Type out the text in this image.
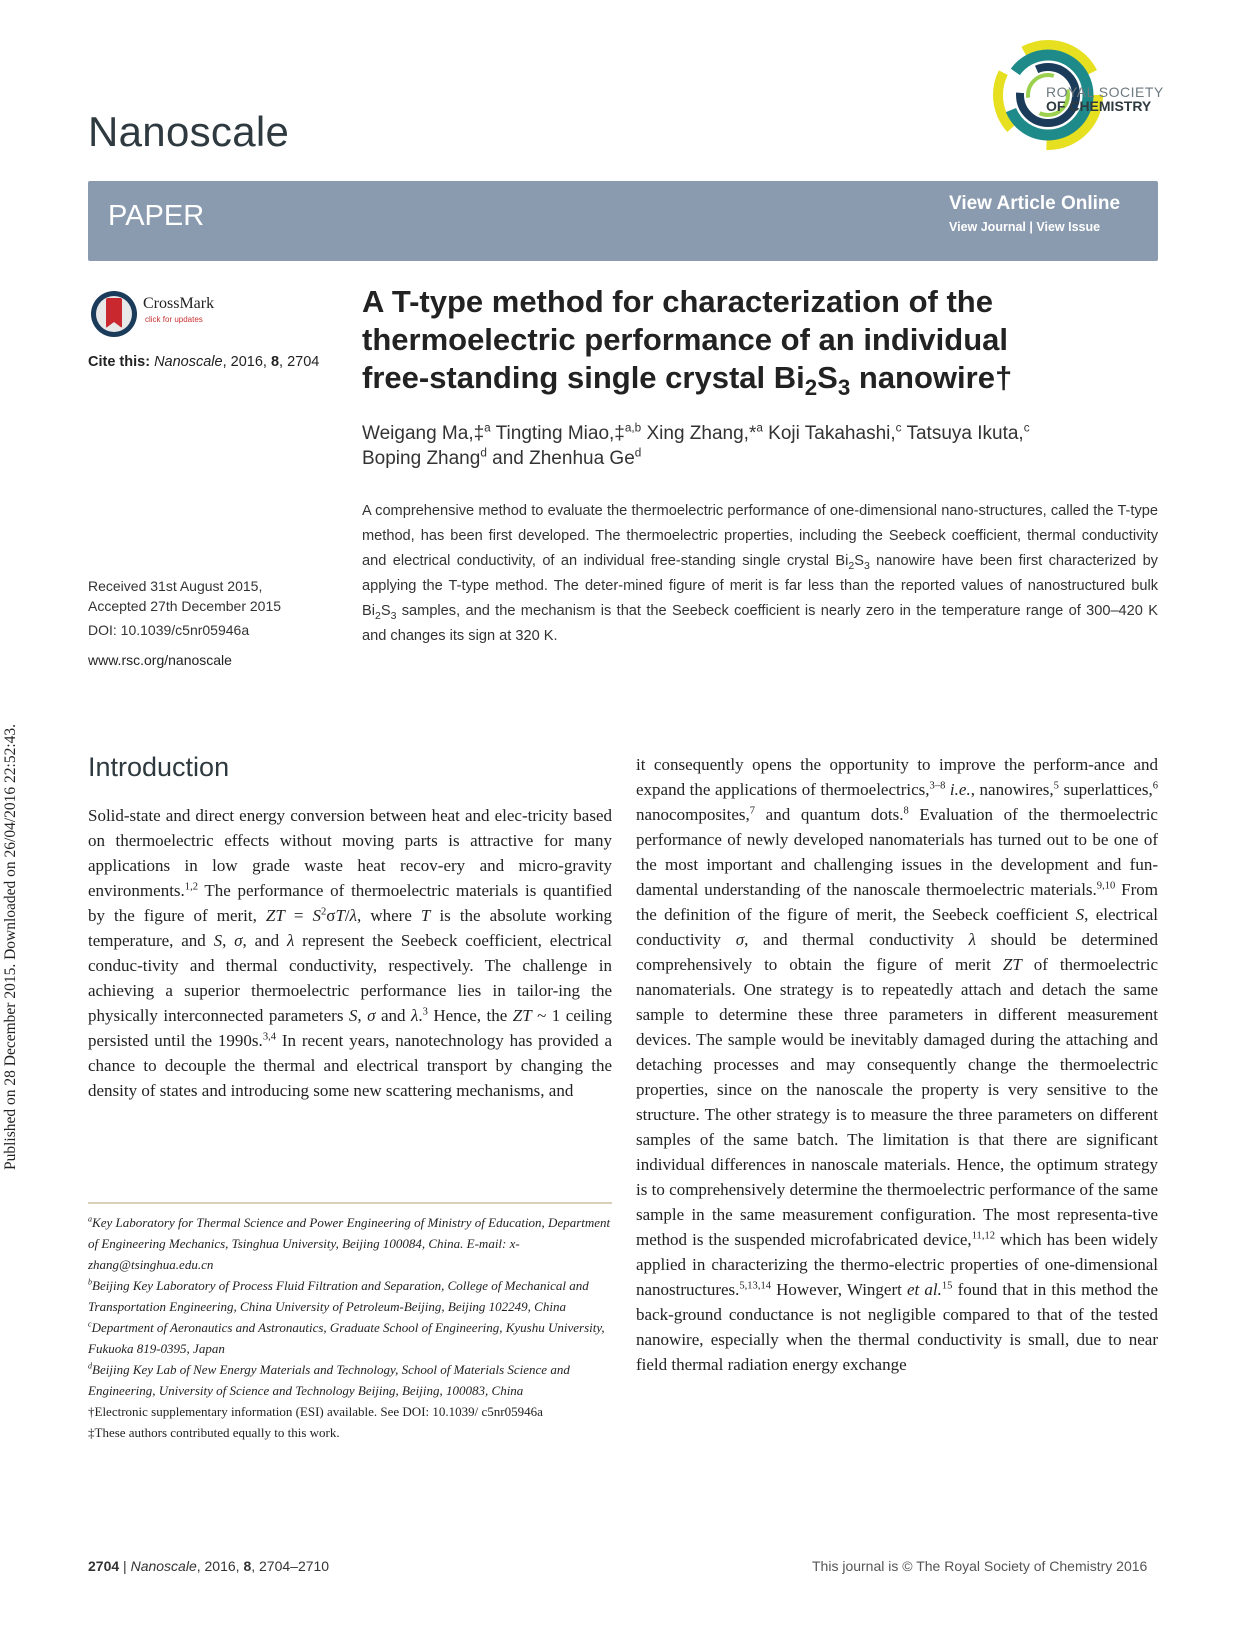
Published on 28 December 2015. Downloaded on 26/04/2016 22:52:43.
Nanoscale
ROYAL SOCIETY
OF CHEMISTRY
PAPER	View Article Online
View Journal | View Issue
CrossMark
click for updates
Cite this: Nanoscale, 2016, 8, 2704
Received 31st August 2015,
Accepted 27th December 2015
DOI: 10.1039/c5nr05946a
www.rsc.org/nanoscale
A T-type method for characterization of the
thermoelectric performance of an individual
free-standing single crystal $Bi_2S_3$ nanowire†
Weigang Ma,‡$^a$ Tingting Miao,‡$^{a,b}$ Xing Zhang,*$^a$ Koji Takahashi,$^c$ Tatsuya Ikuta,$^c$
Boping Zhang$^d$ and Zhenhua Ge$^d$
A comprehensive method to evaluate the thermoelectric performance of one-dimensional nano-structures, called the T-type method, has been first developed. The thermoelectric properties, including the Seebeck coefficient, thermal conductivity and electrical conductivity, of an individual free-standing single crystal $Bi_2S_3$ nanowire have been first characterized by applying the T-type method. The deter-mined figure of merit is far less than the reported values of nanostructured bulk $Bi_2S_3$ samples, and the mechanism is that the Seebeck coefficient is nearly zero in the temperature range of 300–420 K and changes its sign at 320 K.
Introduction
Solid-state and direct energy conversion between heat and elec-tricity based on thermoelectric effects without moving parts is attractive for many applications in low grade waste heat recov-ery and micro-gravity environments.$^{1,2}$ The performance of thermoelectric materials is quantified by the figure of merit, ZT = $S^2\sigma T/\lambda$, where T is the absolute working temperature, and S, σ, and λ represent the Seebeck coefficient, electrical conduc-tivity and thermal conductivity, respectively. The challenge in achieving a superior thermoelectric performance lies in tailor-ing the physically interconnected parameters S, σ and λ.$^3$ Hence, the ZT ~ 1 ceiling persisted until the 1990s.$^{3,4}$ In recent years, nanotechnology has provided a chance to decouple the thermal and electrical transport by changing the density of states and introducing some new scattering mechanisms, and
$^a$Key Laboratory for Thermal Science and Power Engineering of Ministry of Education, Department of Engineering Mechanics, Tsinghua University, Beijing 100084, China. E-mail: x-zhang@tsinghua.edu.cn
$^b$Beijing Key Laboratory of Process Fluid Filtration and Separation, College of Mechanical and Transportation Engineering, China University of Petroleum-Beijing, Beijing 102249, China
$^c$Department of Aeronautics and Astronautics, Graduate School of Engineering, Kyushu University, Fukuoka 819-0395, Japan
$^d$Beijing Key Lab of New Energy Materials and Technology, School of Materials Science and Engineering, University of Science and Technology Beijing, Beijing, 100083, China
†Electronic supplementary information (ESI) available. See DOI: 10.1039/ c5nr05946a
‡These authors contributed equally to this work.
it consequently opens the opportunity to improve the perform-ance and expand the applications of thermoelectrics,$^{3-8}$ i.e., nanowires,$^5$ superlattices,$^6$ nanocomposites,$^7$ and quantum dots.$^8$ Evaluation of the thermoelectric performance of newly developed nanomaterials has turned out to be one of the most important and challenging issues in the development and fun-damental understanding of the nanoscale thermoelectric materials.$^{9,10}$ From the definition of the figure of merit, the Seebeck coefficient S, electrical conductivity σ, and thermal conductivity λ should be determined comprehensively to obtain the figure of merit ZT of thermoelectric nanomaterials. One strategy is to repeatedly attach and detach the same sample to determine these three parameters in different measurement devices. The sample would be inevitably damaged during the attaching and detaching processes and may consequently change the thermoelectric properties, since on the nanoscale the property is very sensitive to the structure. The other strategy is to measure the three parameters on different samples of the same batch. The limitation is that there are significant individual differences in nanoscale materials. Hence, the optimum strategy is to comprehensively determine the thermoelectric performance of the same sample in the same measurement configuration. The most representa-tive method is the suspended microfabricated device,$^{11,12}$ which has been widely applied in characterizing the thermo-electric properties of one-dimensional nanostructures.$^{5,13,14}$ However, Wingert et al.$^{15}$ found that in this method the back-ground conductance is not negligible compared to that of the tested nanowire, especially when the thermal conductivity is small, due to near field thermal radiation energy exchange
2704 | Nanoscale, 2016, 8, 2704–2710	This journal is © The Royal Society of Chemistry 2016
